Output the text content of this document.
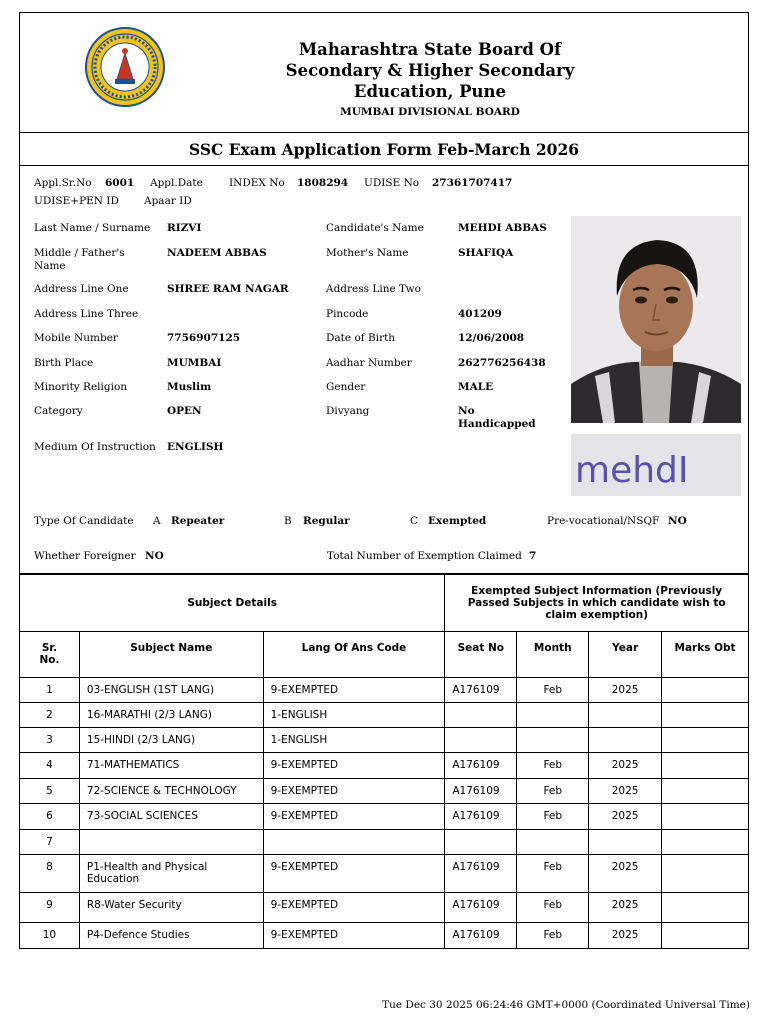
Maharashtra State Board Of
Secondary & Higher Secondary
Education, Pune
MUMBAI DIVISIONAL BOARD
SSC Exam Application Form Feb-March 2026
Appl.Sr.No 6001 Appl.Date INDEX No 1808294 UDISE No 27361707417
UDISE+PEN ID Apaar ID
Last Name / Surname RIZVI
Middle / Father's
Name
NADEEM ABBAS
Address Line One	SHREE RAM NAGAR
Address Line Three
Mobile Number	7756907125
Birth Place	MUMBAI
Minority Religion	Muslim
Category	OPEN
Medium Of Instruction ENGLISH
Candidate's Name	MEHDI ABBAS
Mother's Name	SHAFIQA
Address Line Two
Pincode	401209
Date of Birth	12/06/2008
Aadhar Number	262776256438
Gender	MALE
Divyang	No
Handicapped
mehdI
Type Of Candidate A Repeater	B Regular	C Exempted	Pre-vocational/NSQF NO
Whether Foreigner NO	Total Number of Exemption Claimed 7
Subject Details			Exempted Subject Information (Previously Passed Subjects in which candidate wish to claim exemption)			
Sr.
No.	Subject Name	Lang Of Ans Code	Seat No	Month	Year	Marks Obt
1	03-ENGLISH (1ST LANG)	9-EXEMPTED	A176109	Feb	2025	
2	16-MARATHI (2/3 LANG)	1-ENGLISH				
3	15-HINDI (2/3 LANG)	1-ENGLISH				
4	71-MATHEMATICS	9-EXEMPTED	A176109	Feb	2025	
5	72-SCIENCE & TECHNOLOGY	9-EXEMPTED	A176109	Feb	2025	
6	73-SOCIAL SCIENCES	9-EXEMPTED	A176109	Feb	2025	
7						
8	P1-Health and Physical Education	9-EXEMPTED	A176109	Feb	2025	
9	R8-Water Security	9-EXEMPTED	A176109	Feb	2025	
10	P4-Defence Studies	9-EXEMPTED	A176109	Feb	2025	
Tue Dec 30 2025 06:24:46 GMT+0000 (Coordinated Universal Time)
